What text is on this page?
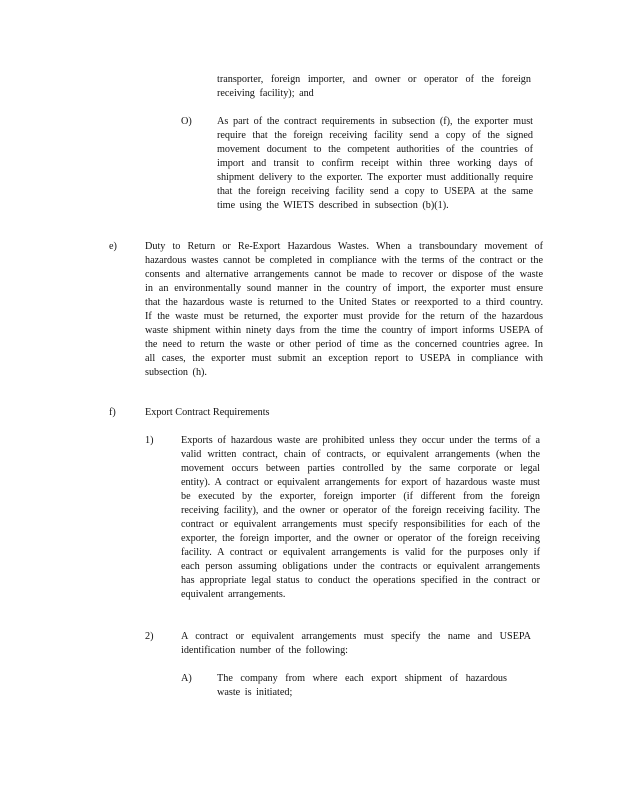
transporter, foreign importer, and owner or operator of the foreign receiving facility); and
O) As part of the contract requirements in subsection (f), the exporter must require that the foreign receiving facility send a copy of the signed movement document to the competent authorities of the countries of import and transit to confirm receipt within three working days of shipment delivery to the exporter. The exporter must additionally require that the foreign receiving facility send a copy to USEPA at the same time using the WIETS described in subsection (b)(1).
e)	Duty to Return or Re-Export Hazardous Wastes. When a transboundary movement of hazardous wastes cannot be completed in compliance with the terms of the contract or the consents and alternative arrangements cannot be made to recover or dispose of the waste in an environmentally sound manner in the country of import, the exporter must ensure that the hazardous waste is returned to the United States or reexported to a third country. If the waste must be returned, the exporter must provide for the return of the hazardous waste shipment within ninety days from the time the country of import informs USEPA of the need to return the waste or other period of time as the concerned countries agree. In all cases, the exporter must submit an exception report to USEPA in compliance with subsection (h).
f)	Export Contract Requirements
1)	Exports of hazardous waste are prohibited unless they occur under the terms of a valid written contract, chain of contracts, or equivalent arrangements (when the movement occurs between parties controlled by the same corporate or legal entity). A contract or equivalent arrangements for export of hazardous waste must be executed by the exporter, foreign importer (if different from the foreign receiving facility), and the owner or operator of the foreign receiving facility. The contract or equivalent arrangements must specify responsibilities for each of the exporter, the foreign importer, and the owner or operator of the foreign receiving facility. A contract or equivalent arrangements is valid for the purposes only if each person assuming obligations under the contracts or equivalent arrangements has appropriate legal status to conduct the operations specified in the contract or equivalent arrangements.
2)	A contract or equivalent arrangements must specify the name and USEPA identification number of the following:
A) The company from where each export shipment of hazardous waste is initiated;
